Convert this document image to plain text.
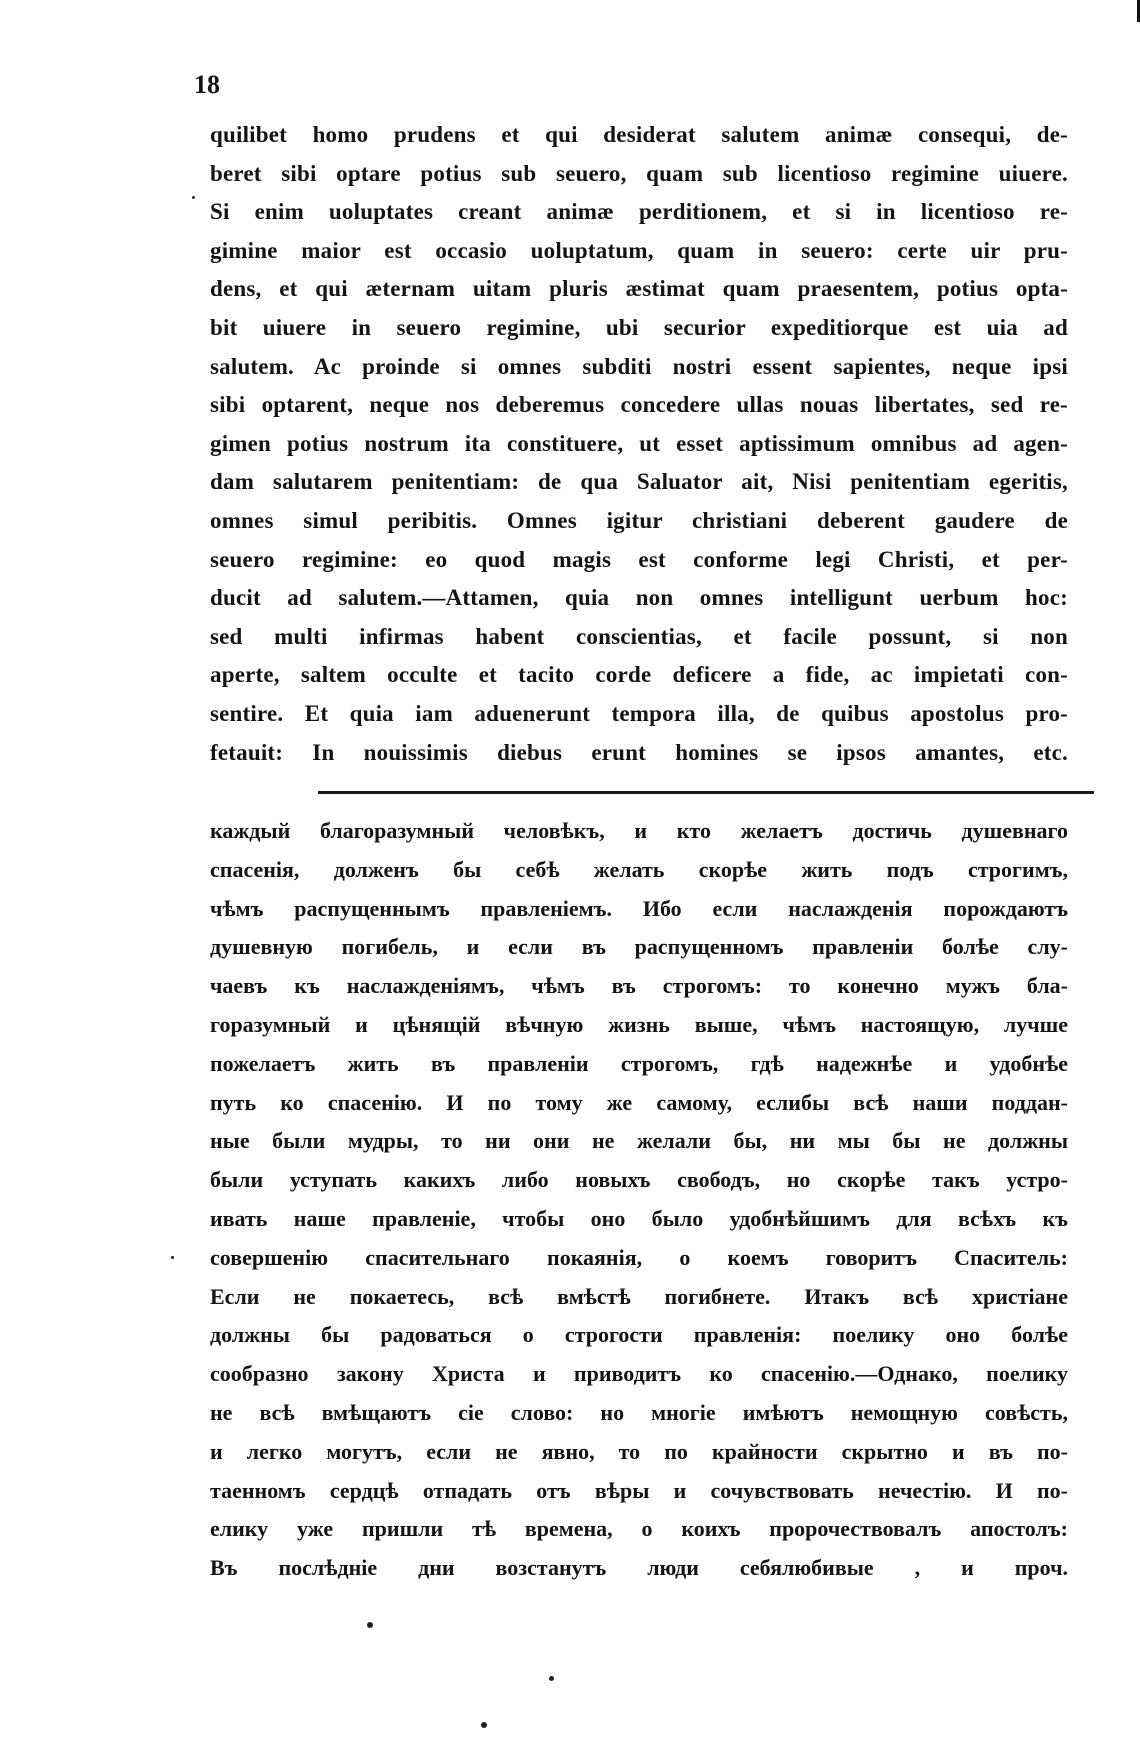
18
quilibet homo prudens et qui desiderat salutem animæ consequi, de-
beret sibi optare potius sub seuero, quam sub licentioso regimine uiuere.
Si enim uoluptates creant animæ perditionem, et si in licentioso re-
gimine maior est occasio uoluptatum, quam in seuero: certe uir pru-
dens, et qui æternam uitam pluris æstimat quam praesentem, potius opta-
bit uiuere in seuero regimine, ubi securior expeditiorque est uia ad
salutem. Ac proinde si omnes subditi nostri essent sapientes, neque ipsi
sibi optarent, neque nos deberemus concedere ullas nouas libertates, sed re-
gimen potius nostrum ita constituere, ut esset aptissimum omnibus ad agen-
dam salutarem penitentiam: de qua Saluator ait, Nisi penitentiam egeritis,
omnes simul peribitis. Omnes igitur christiani deberent gaudere de
seuero regimine: eo quod magis est conforme legi Christi, et per-
ducit ad salutem.—Attamen, quia non omnes intelligunt uerbum hoc:
sed multi infirmas habent conscientias, et facile possunt, si non
aperte, saltem occulte et tacito corde deficere a fide, ac impietati con-
sentire. Et quia iam aduenerunt tempora illa, de quibus apostolus pro-
fetauit: In nouissimis diebus erunt homines se ipsos amantes, etc.
каждый благоразумный человѣкъ, и кто желаетъ достичь душевнаго
спасенія, долженъ бы себѣ желать скорѣе жить подъ строгимъ,
чѣмъ распущеннымъ правленіемъ. Ибо если наслажденія порождаютъ
душевную погибель, и если въ распущенномъ правленіи болѣе слу-
чаевъ къ наслажденіямъ, чѣмъ въ строгомъ: то конечно мужъ бла-
горазумный и цѣнящій вѣчную жизнь выше, чѣмъ настоящую, лучше
пожелаетъ жить въ правленіи строгомъ, гдѣ надежнѣе и удобнѣе
путь ко спасенію. И по тому же самому, еслибы всѣ наши поддан-
ные были мудры, то ни они не желали бы, ни мы бы не должны
были уступать какихъ либо новыхъ свободъ, но скорѣе такъ устро-
ивать наше правленіе, чтобы оно было удобнѣйшимъ для всѣхъ къ
совершенію спасительнаго покаянія, о коемъ говоритъ Спаситель:
Если не покаетесь, всѣ вмѣстѣ погибнете. Итакъ всѣ христіане
должны бы радоваться о строгости правленія: поелику оно болѣе
сообразно закону Христа и приводитъ ко спасенію.—Однако, поелику
не всѣ вмѣщаютъ сіе слово: но многіе имѣютъ немощную совѣсть,
и легко могутъ, если не явно, то по крайности скрытно и въ по-
таенномъ сердцѣ отпадать отъ вѣры и сочувствовать нечестію. И по-
елику уже пришли тѣ времена, о коихъ пророчествовалъ апостолъ:
Въ послѣдніе дни возстанутъ люди себялюбивые , и проч.
